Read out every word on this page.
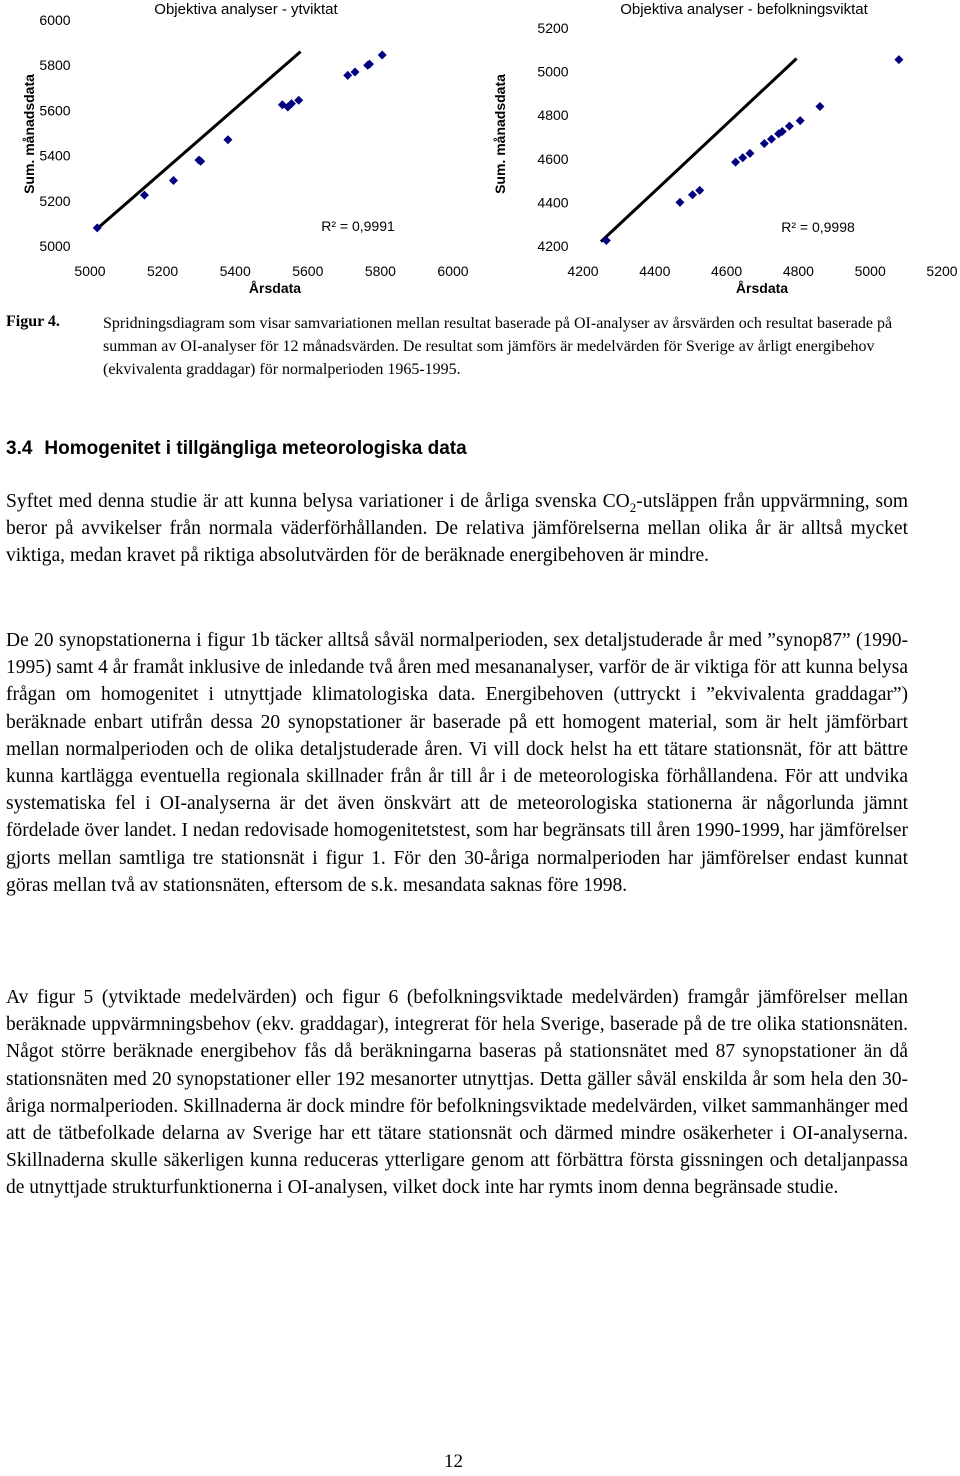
Objektiva analyser - ytviktat
Sum. månadsdata
Årsdata
R² = 0,9991
5000
5200
5400
5600
5800
6000
5000	5200	5400	5600	5800	6000
Objektiva analyser - befolkningsviktat
Sum. månadsdata
Årsdata
R² = 0,9998
4200
4400
4600
4800
5000
5200
4200	4400	4600	4800	5000	5200
Figur 4.	Spridningsdiagram som visar samvariationen mellan resultat baserade på OI-analyser av årsvärden och resultat baserade på summan av OI-analyser för 12 månadsvärden. De resultat som jämförs är medelvärden för Sverige av årligt energibehov (ekvivalenta graddagar) för normalperioden 1965-1995.
3.4 Homogenitet i tillgängliga meteorologiska data

Syftet med denna studie är att kunna belysa variationer i de årliga svenska $CO_2$-utsläppen från uppvärmning, som beror på avvikelser från normala väderförhållanden. De relativa jämförelserna mellan olika år är alltså mycket viktiga, medan kravet på riktiga absolutvärden för de beräknade energibehoven är mindre.

De 20 synopstationerna i figur 1b täcker alltså såväl normalperioden, sex detaljstuderade år med ”synop87” (1990-1995) samt 4 år framåt inklusive de inledande två åren med mesananalyser, varför de är viktiga för att kunna belysa frågan om homogenitet i utnyttjade klimatologiska data. Energibehoven (uttryckt i ”ekvivalenta graddagar”) beräknade enbart utifrån dessa 20 synopstationer är baserade på ett homogent material, som är helt jämförbart mellan normalperioden och de olika detaljstuderade åren. Vi vill dock helst ha ett tätare stationsnät, för att bättre kunna kartlägga eventuella regionala skillnader från år till år i de meteorologiska förhållandena. För att undvika systematiska fel i OI-analyserna är det även önskvärt att de meteorologiska stationerna är någorlunda jämnt fördelade över landet. I nedan redovisade homogenitetstest, som har begränsats till åren 1990-1999, har jämförelser gjorts mellan samtliga tre stationsnät i figur 1. För den 30-åriga normalperioden har jämförelser endast kunnat göras mellan två av stationsnäten, eftersom de s.k. mesandata saknas före 1998.

Av figur 5 (ytviktade medelvärden) och figur 6 (befolkningsviktade medelvärden) framgår jämförelser mellan beräknade uppvärmningsbehov (ekv. graddagar), integrerat för hela Sverige, baserade på de tre olika stationsnäten. Något större beräknade energibehov fås då beräkningarna baseras på stationsnätet med 87 synopstationer än då stationsnäten med 20 synopstationer eller 192 mesanorter utnyttjas. Detta gäller såväl enskilda år som hela den 30-åriga normalperioden. Skillnaderna är dock mindre för befolkningsviktade medelvärden, vilket sammanhänger med att de tätbefolkade delarna av Sverige har ett tätare stationsnät och därmed mindre osäkerheter i OI-analyserna. Skillnaderna skulle säkerligen kunna reduceras ytterligare genom att förbättra första gissningen och detaljanpassa de utnyttjade strukturfunktionerna i OI-analysen, vilket dock inte har rymts inom denna begränsade studie.

12
